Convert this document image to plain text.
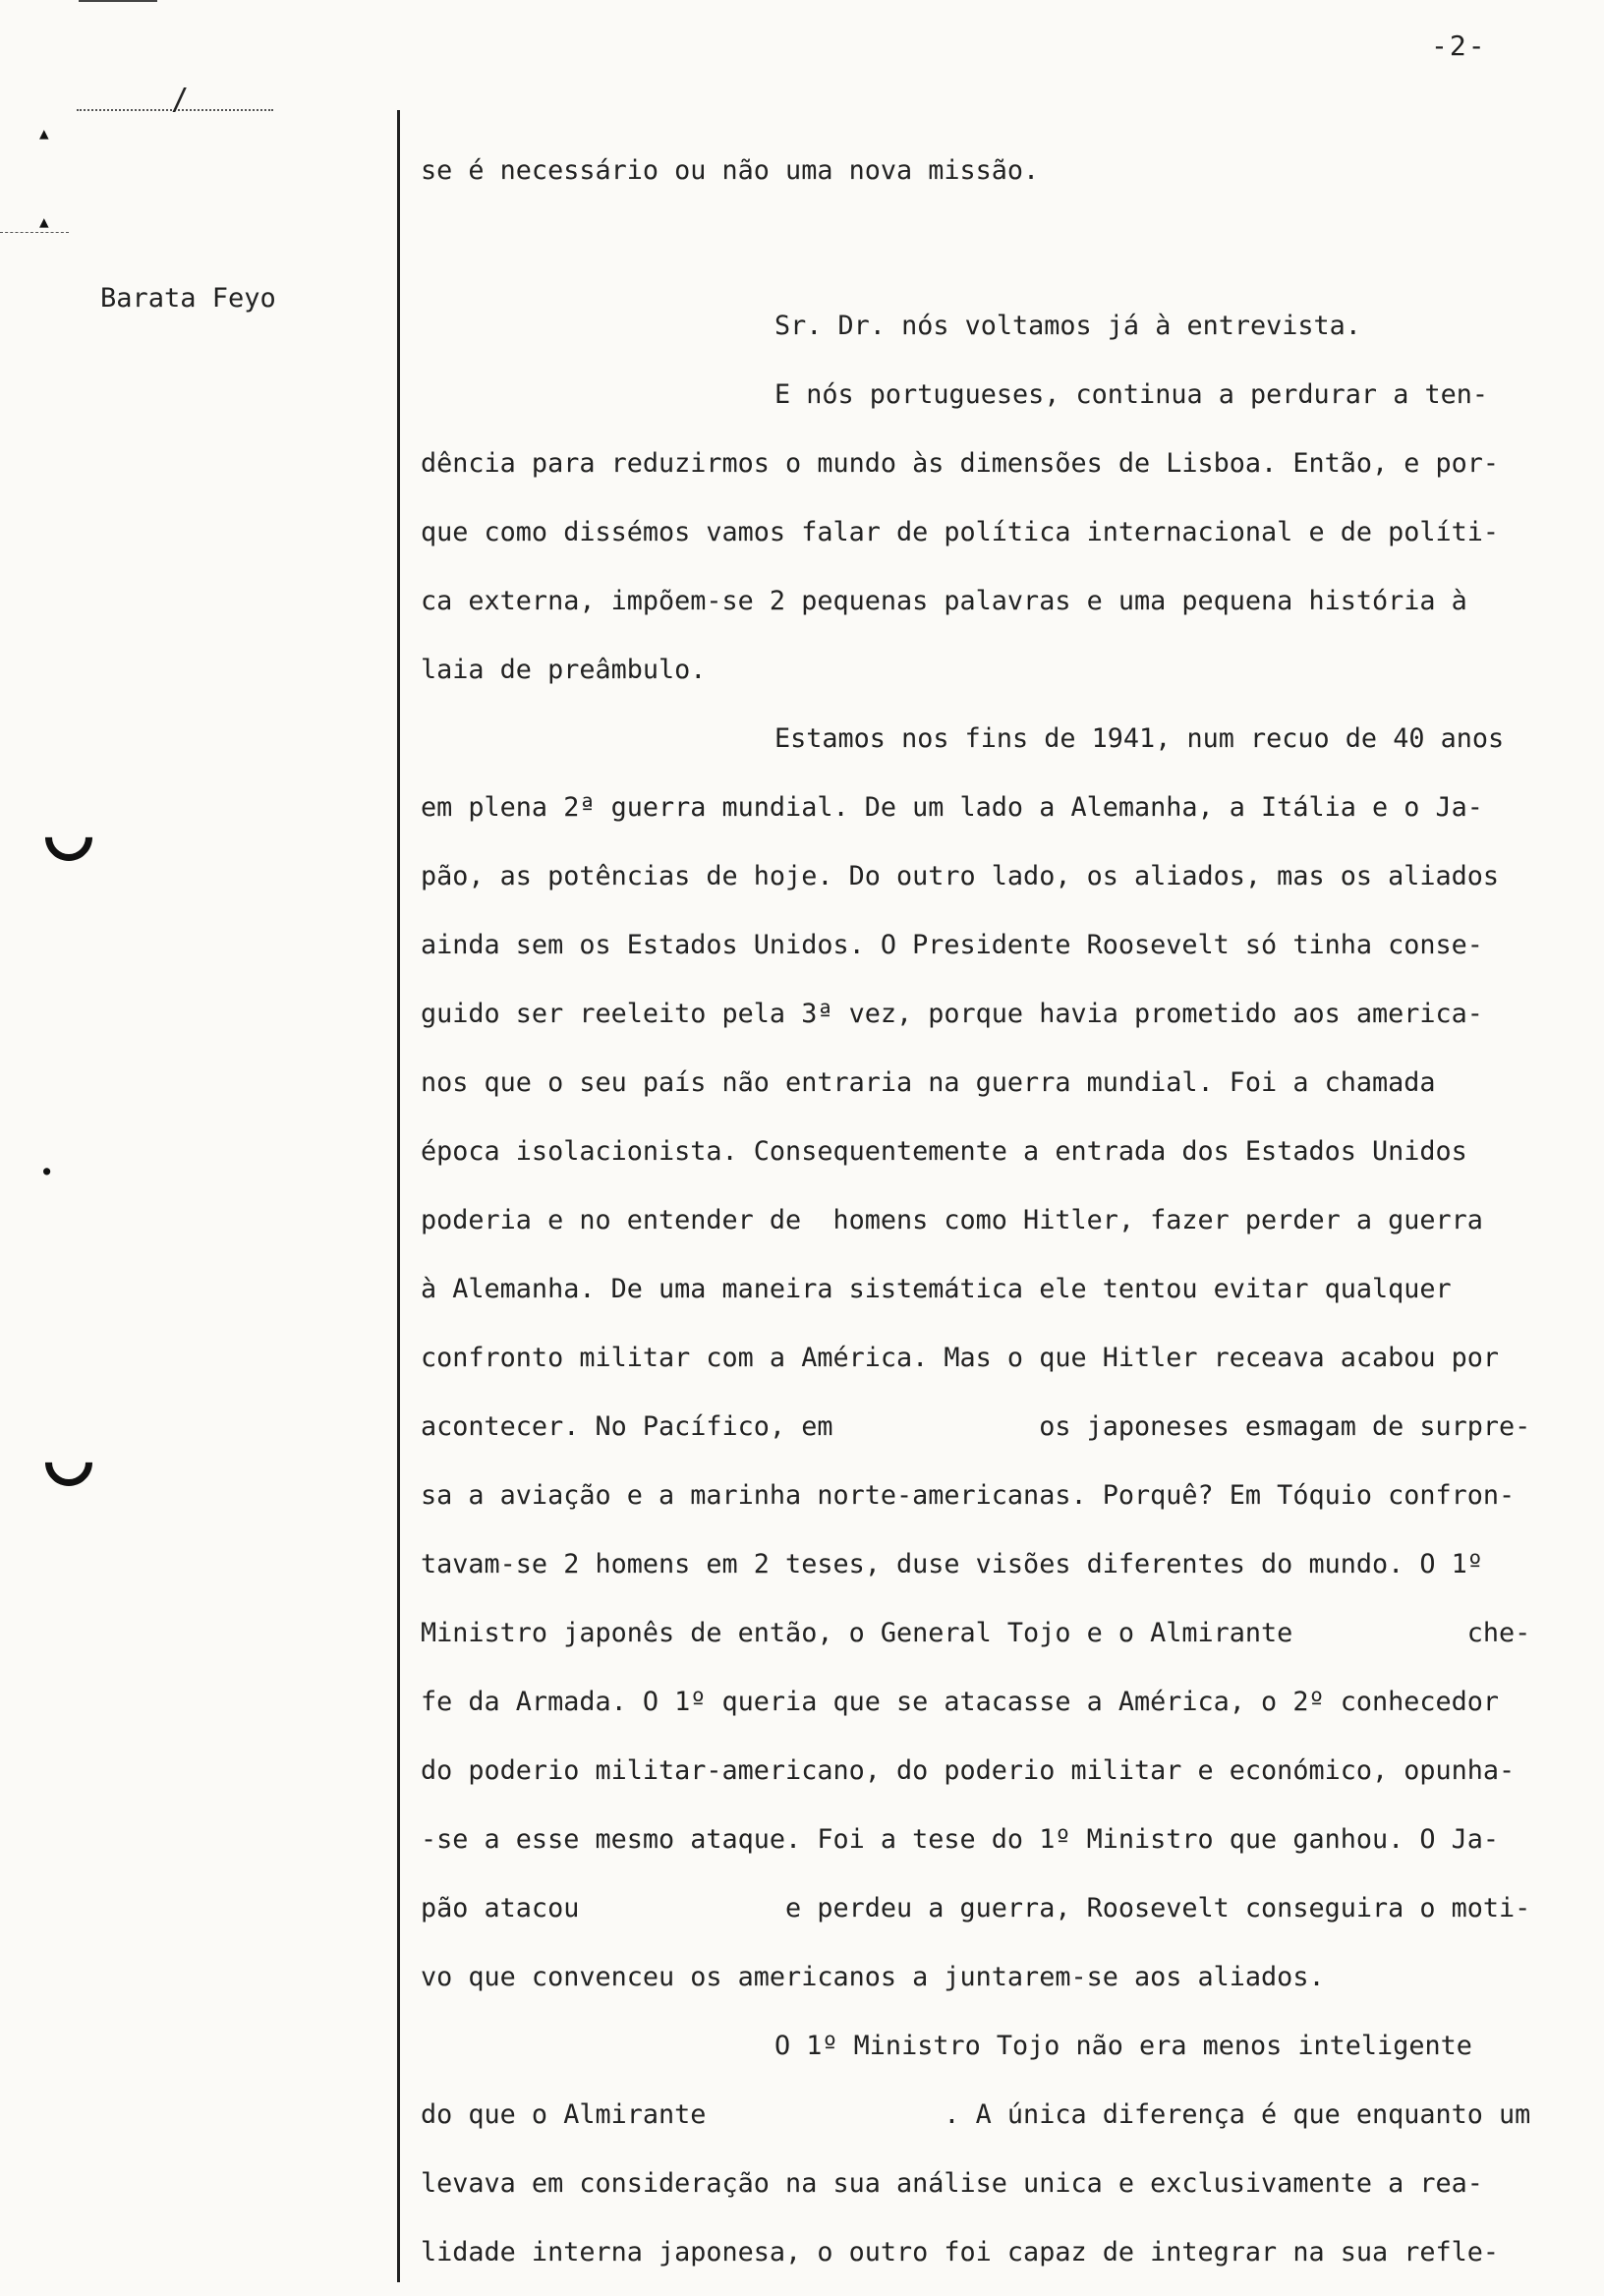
-2-
/
▲
▲
●
Barata Feyo
se é necessário ou não uma nova missão.
Sr. Dr. nós voltamos já à entrevista.
E nós portugueses, continua a perdurar a ten-
dência para reduzirmos o mundo às dimensões de Lisboa. Então, e por-
que como dissémos vamos falar de política internacional e de políti-
ca externa, impõem-se 2 pequenas palavras e uma pequena história à
laia de preâmbulo.
Estamos nos fins de 1941, num recuo de 40 anos
em plena 2ª guerra mundial. De um lado a Alemanha, a Itália e o Ja-
pão, as potências de hoje. Do outro lado, os aliados, mas os aliados
ainda sem os Estados Unidos. O Presidente Roosevelt só tinha conse-
guido ser reeleito pela 3ª vez, porque havia prometido aos america-
nos que o seu país não entraria na guerra mundial. Foi a chamada
época isolacionista. Consequentemente a entrada dos Estados Unidos
poderia e no entender de  homens como Hitler, fazer perder a guerra
à Alemanha. De uma maneira sistemática ele tentou evitar qualquer
confronto militar com a América. Mas o que Hitler receava acabou por
acontecer. No Pacífico, em             os japoneses esmagam de surpre-
sa a aviação e a marinha norte-americanas. Porquê? Em Tóquio confron-
tavam-se 2 homens em 2 teses, duse visões diferentes do mundo. O 1º
Ministro japonês de então, o General Tojo e o Almirante           che-
fe da Armada. O 1º queria que se atacasse a América, o 2º conhecedor
do poderio militar-americano, do poderio militar e económico, opunha-
-se a esse mesmo ataque. Foi a tese do 1º Ministro que ganhou. O Ja-
pão atacou             e perdeu a guerra, Roosevelt conseguira o moti-
vo que convenceu os americanos a juntarem-se aos aliados.
O 1º Ministro Tojo não era menos inteligente
do que o Almirante               . A única diferença é que enquanto um
levava em consideração na sua análise unica e exclusivamente a rea-
lidade interna japonesa, o outro foi capaz de integrar na sua refle-
